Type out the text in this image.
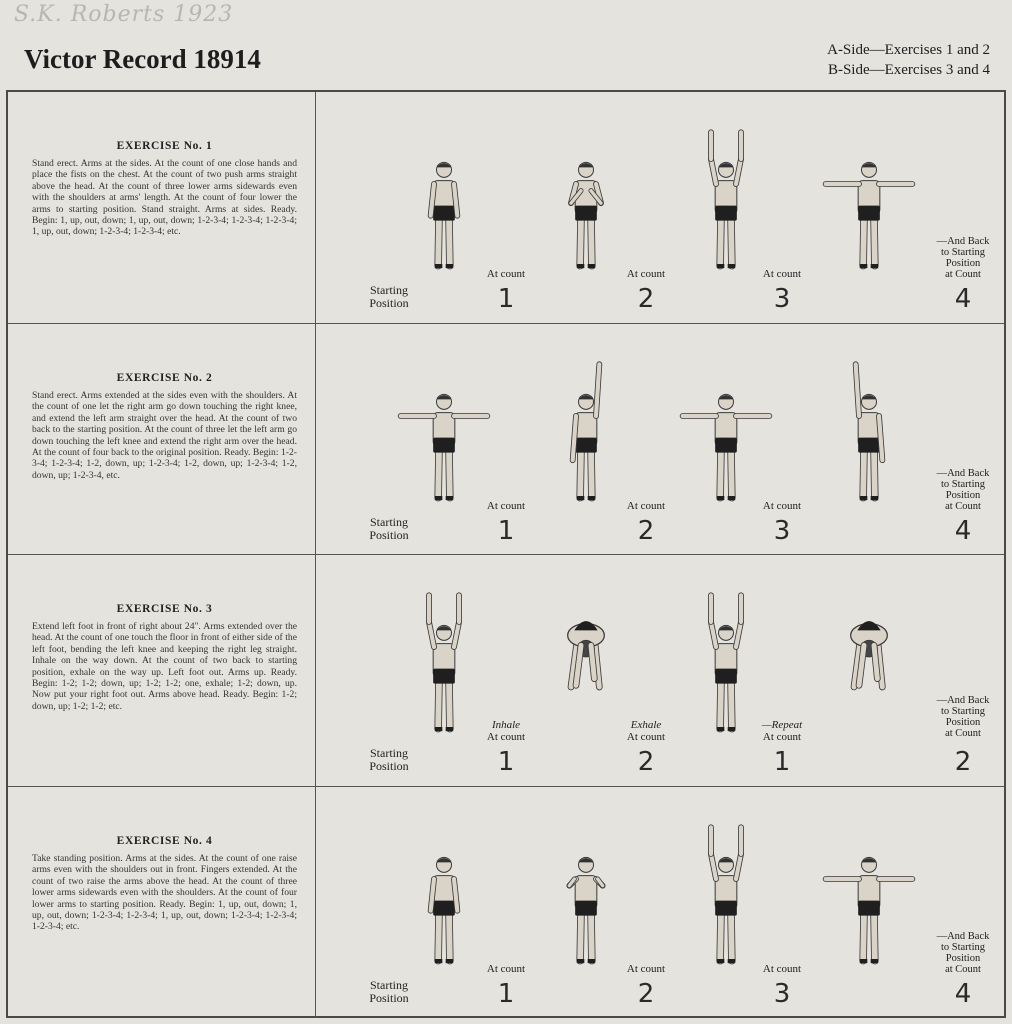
S.K. Roberts 1923
Victor Record 18914	A-Side—Exercises 1 and 2
B-Side—Exercises 3 and 4
EXERCISE No. 1
Stand erect. Arms at the sides. At the count of one close hands and place the fists on the chest. At the count of two push arms straight above the head. At the count of three lower arms sidewards even with the shoulders at arms' length. At the count of four lower the arms to starting position. Stand straight. Arms at sides. Ready. Begin: 1, up, out, down; 1, up, out, down; 1-2-3-4; 1-2-3-4; 1-2-3-4; 1, up, out, down; 1-2-3-4; 1-2-3-4; etc.
Starting
Position
At count
1
At count
2
At count
3
—And Back
to Starting
Position
at Count
4
EXERCISE No. 2
Stand erect. Arms extended at the sides even with the shoulders. At the count of one let the right arm go down touching the right knee, and extend the left arm straight over the head. At the count of two back to the starting position. At the count of three let the left arm go down touching the left knee and extend the right arm over the head. At the count of four back to the original position. Ready. Begin: 1-2-3-4; 1-2-3-4; 1-2, down, up; 1-2-3-4; 1-2, down, up; 1-2-3-4; 1-2, down, up; 1-2-3-4, etc.
Starting
Position
At count
1
At count
2
At count
3
—And Back
to Starting
Position
at Count
4
EXERCISE No. 3
Extend left foot in front of right about 24". Arms extended over the head. At the count of one touch the floor in front of either side of the left foot, bending the left knee and keeping the right leg straight. Inhale on the way down. At the count of two back to starting position, exhale on the way up. Left foot out. Arms up. Ready. Begin: 1-2; 1-2; down, up; 1-2; 1-2; one, exhale; 1-2; down, up. Now put your right foot out. Arms above head. Ready. Begin: 1-2; down, up; 1-2; 1-2; etc.
Starting
Position
Inhale
At count
1
Exhale
At count
2
—Repeat
At count
1
—And Back
to Starting
Position
at Count
2
EXERCISE No. 4
Take standing position. Arms at the sides. At the count of one raise arms even with the shoulders out in front. Fingers extended. At the count of two raise the arms above the head. At the count of three lower arms sidewards even with the shoulders. At the count of four lower arms to starting position. Ready. Begin: 1, up, out, down; 1, up, out, down; 1-2-3-4; 1-2-3-4; 1, up, out, down; 1-2-3-4; 1-2-3-4; 1-2-3-4; etc.
Starting
Position
At count
1
At count
2
At count
3
—And Back
to Starting
Position
at Count
4
